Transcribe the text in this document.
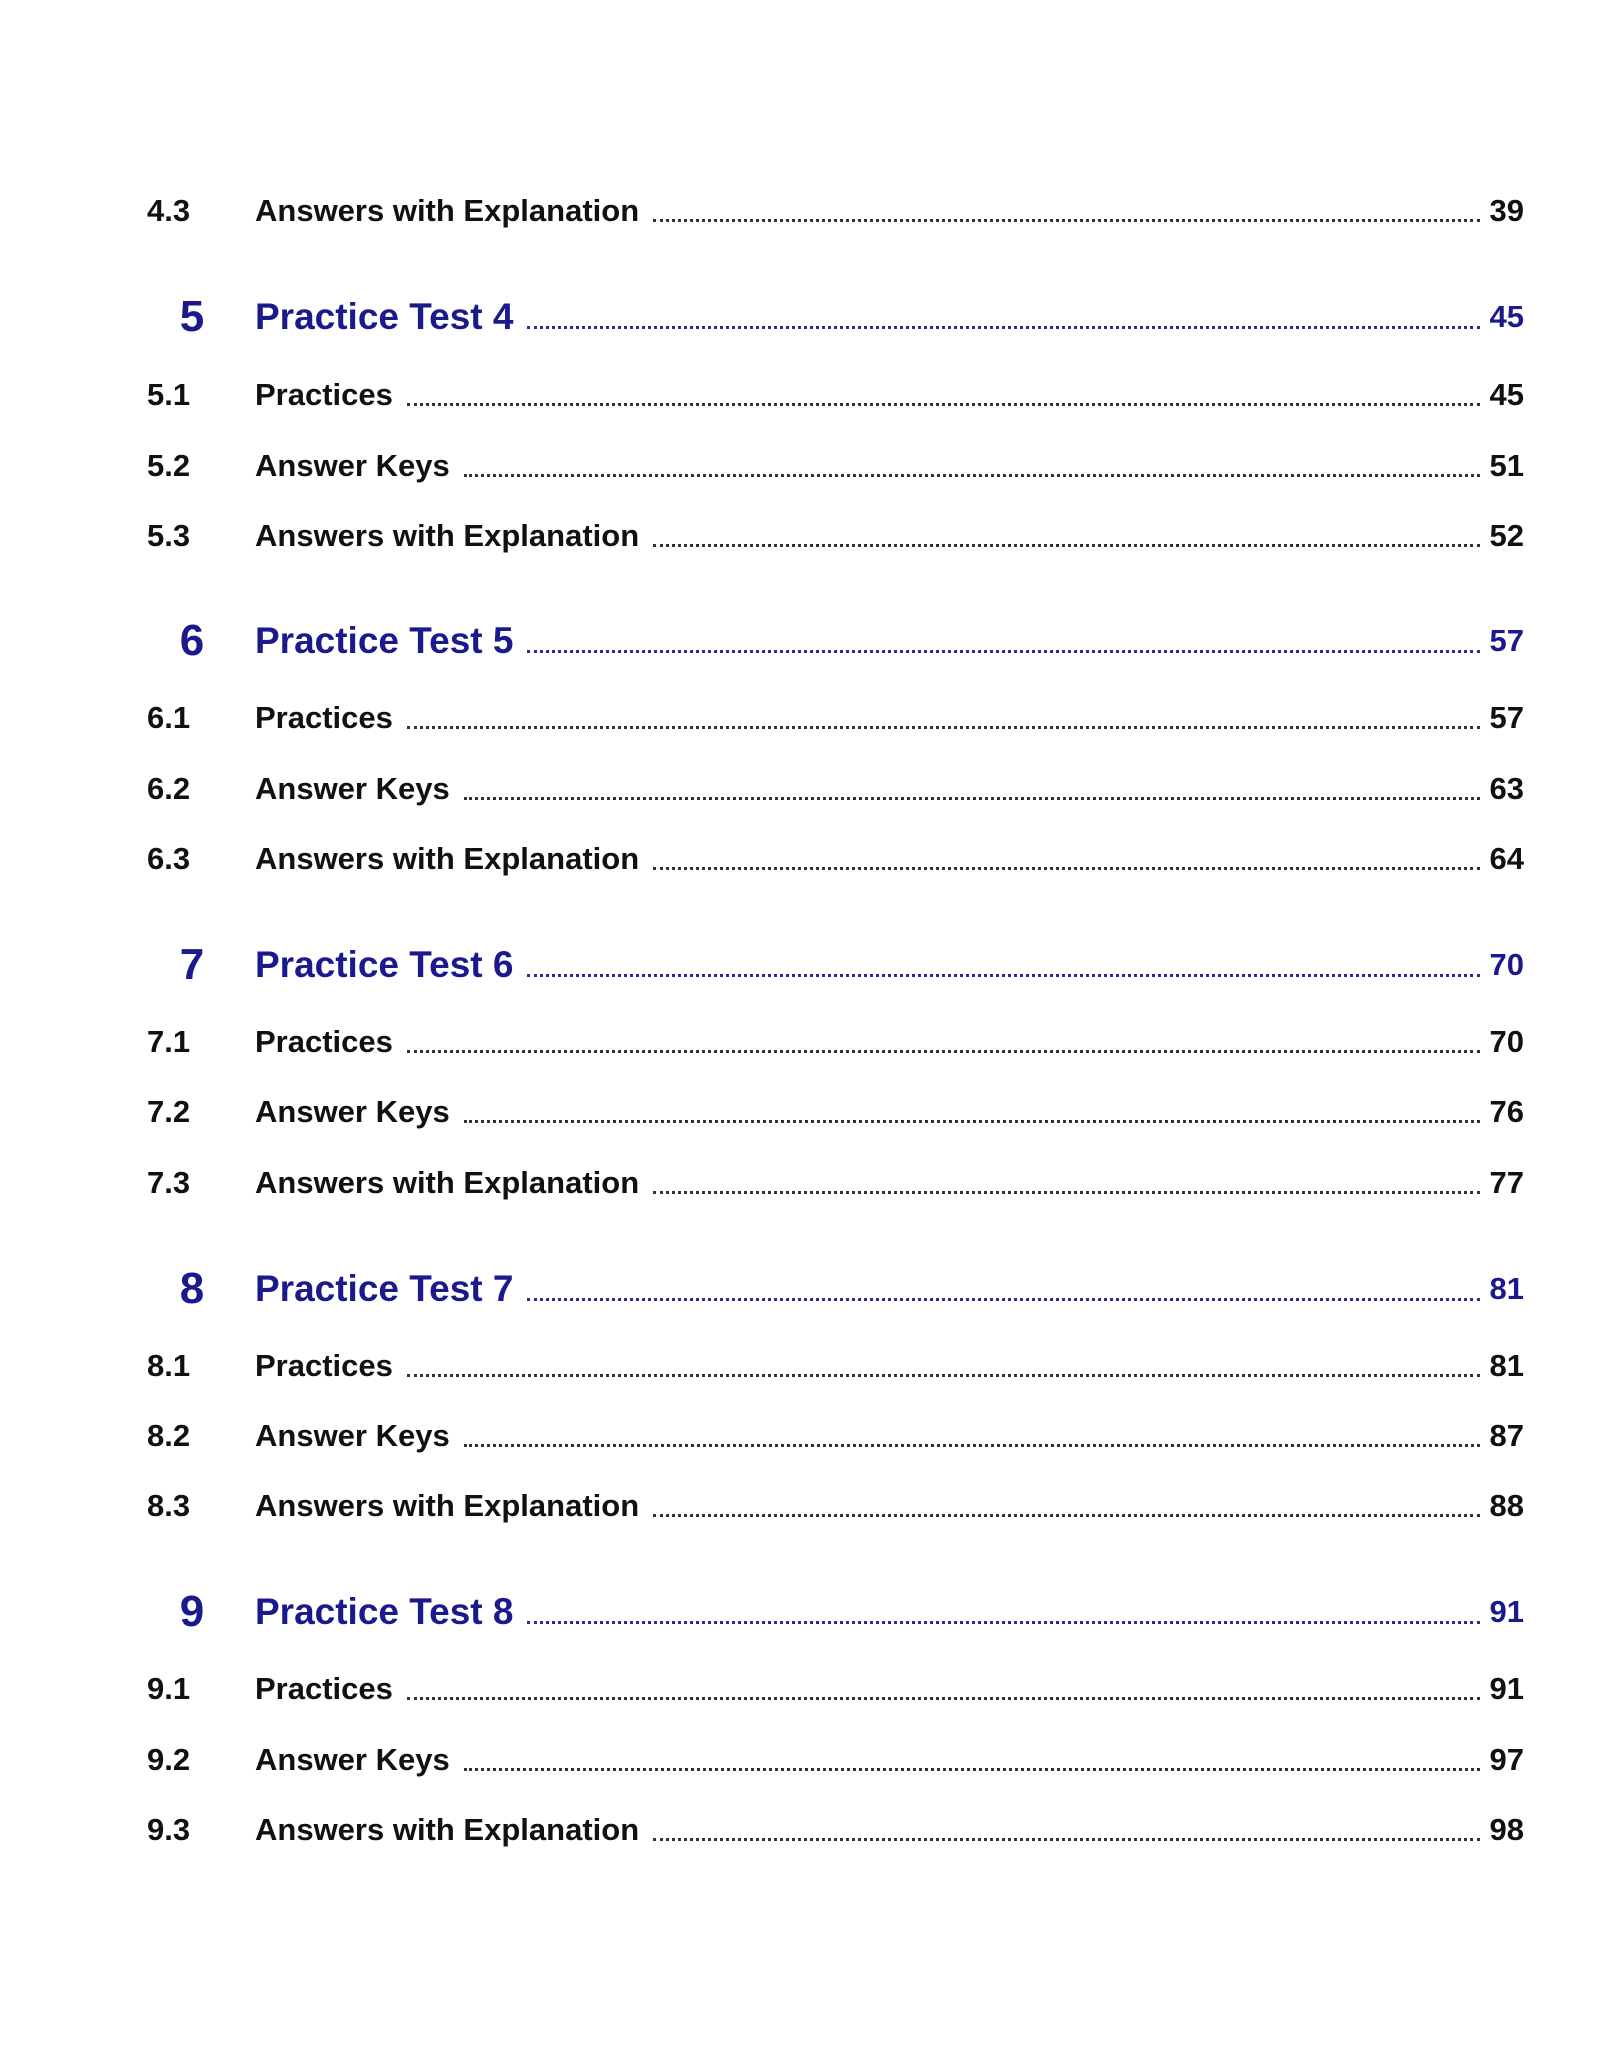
4.3	Answers with Explanation	39
5	Practice Test 4	45
5.1	Practices	45
5.2	Answer Keys	51
5.3	Answers with Explanation	52
6	Practice Test 5	57
6.1	Practices	57
6.2	Answer Keys	63
6.3	Answers with Explanation	64
7	Practice Test 6	70
7.1	Practices	70
7.2	Answer Keys	76
7.3	Answers with Explanation	77
8	Practice Test 7	81
8.1	Practices	81
8.2	Answer Keys	87
8.3	Answers with Explanation	88
9	Practice Test 8	91
9.1	Practices	91
9.2	Answer Keys	97
9.3	Answers with Explanation	98
